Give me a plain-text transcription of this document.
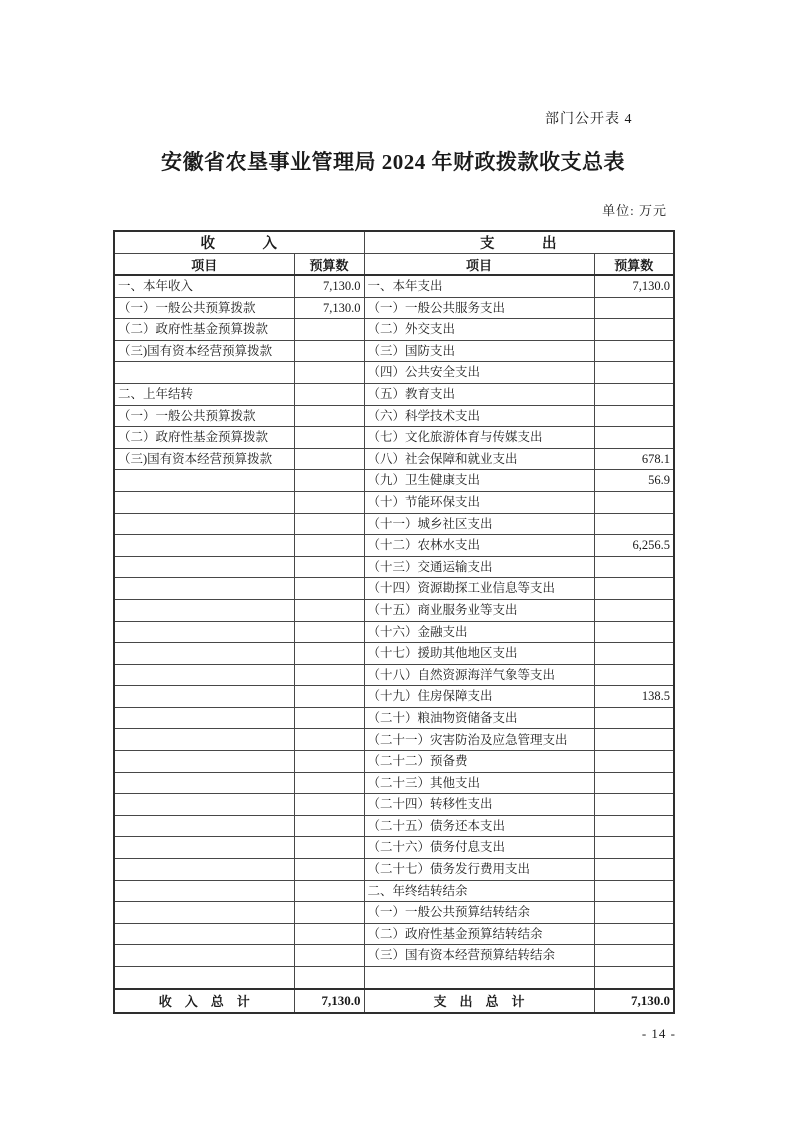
部门公开表 4
安徽省农垦事业管理局 2024 年财政拨款收支总表
单位: 万元
收　　　入		支　　　出	
项目	预算数	项目	预算数
一、本年收入	7,130.0	一、本年支出	7,130.0
（一）一般公共预算拨款	7,130.0	（一）一般公共服务支出	
（二）政府性基金预算拨款		（二）外交支出	
（三)国有资本经营预算拨款		（三）国防支出	
		（四）公共安全支出	
二、上年结转		（五）教育支出	
（一）一般公共预算拨款		（六）科学技术支出	
（二）政府性基金预算拨款		（七）文化旅游体育与传媒支出	
（三)国有资本经营预算拨款		（八）社会保障和就业支出	678.1
		（九）卫生健康支出	56.9
		（十）节能环保支出	
		（十一）城乡社区支出	
		（十二）农林水支出	6,256.5
		（十三）交通运输支出	
		（十四）资源勘探工业信息等支出	
		（十五）商业服务业等支出	
		（十六）金融支出	
		（十七）援助其他地区支出	
		（十八）自然资源海洋气象等支出	
		（十九）住房保障支出	138.5
		（二十）粮油物资储备支出	
		（二十一）灾害防治及应急管理支出	
		（二十二）预备费	
		（二十三）其他支出	
		（二十四）转移性支出	
		（二十五）债务还本支出	
		（二十六）债务付息支出	
		（二十七）债务发行费用支出	
		二、年终结转结余	
		（一）一般公共预算结转结余	
		（二）政府性基金预算结转结余	
		（三）国有资本经营预算结转结余	

收　入　总　计	7,130.0	支　出　总　计	7,130.0
- 14 -
